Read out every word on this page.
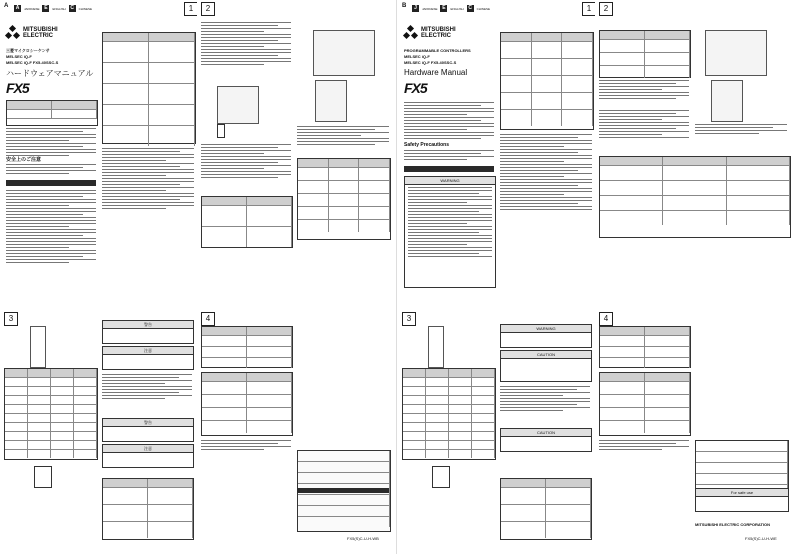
A	A	JAPANESE E	ENGLISH C	CHINESE
MITSUBISHI
ELECTRIC
三菱マイクロシーケンサ
MELSEC iQ-F
MELSEC iQ-F FX5-40SSC-S
ハードウェアマニュアル
FX5
安全上のご注意
1	2
3
警告
注意
警告
注意
4
FX5(S)C-U-H-WB
B	J	JAPANESE E	ENGLISH C	CHINESE
MITSUBISHI
ELECTRIC
PROGRAMMABLE CONTROLLERS
MELSEC iQ-F
MELSEC iQ-F FX5-40SSC-S
Hardware Manual
FX5
Safety Precautions
WARNING
1	2
3
WARNING
CAUTION
CAUTION
4
For safe use
MITSUBISHI ELECTRIC CORPORATION
FX5(S)C-U-H-WE
